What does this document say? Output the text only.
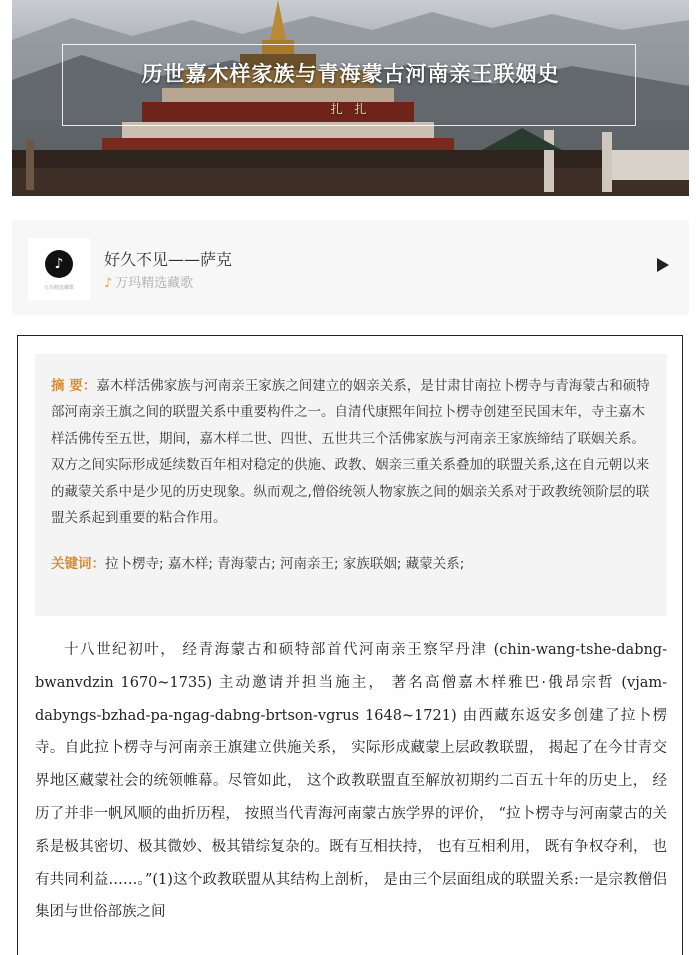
历世嘉木样家族与青海蒙古河南亲王联姻史
扎 扎
♪
万玛精选藏歌
好久不见——萨克
♪ 万玛精选藏歌
摘 要：嘉木样活佛家族与河南亲王家族之间建立的姻亲关系，是甘肃甘南拉卜楞寺与青海蒙古和硕特部河南亲王旗之间的联盟关系中重要构件之一。自清代康熙年间拉卜楞寺创建至民国末年，寺主嘉木样活佛传至五世，期间，嘉木样二世、四世、五世共三个活佛家族与河南亲王家族缔结了联姻关系。双方之间实际形成延续数百年相对稳定的供施、政教、姻亲三重关系叠加的联盟关系,这在自元朝以来的藏蒙关系中是少见的历史现象。纵而观之,僧俗统领人物家族之间的姻亲关系对于政教统领阶层的联盟关系起到重要的粘合作用。
关键词：拉卜楞寺; 嘉木样; 青海蒙古; 河南亲王; 家族联姻; 藏蒙关系;
十八世纪初叶， 经青海蒙古和硕特部首代河南亲王察罕丹津 (chin-wang-tshe-dabng-bwanvdzin 1670~1735) 主动邀请并担当施主， 著名高僧嘉木样雅巴·俄昂宗哲 (vjam-dabyngs-bzhad-pa-ngag-dabng-brtson-vgrus 1648~1721) 由西藏东返安多创建了拉卜楞寺。自此拉卜楞寺与河南亲王旗建立供施关系， 实际形成藏蒙上层政教联盟， 揭起了在今甘青交界地区藏蒙社会的统领帷幕。尽管如此， 这个政教联盟直至解放初期约二百五十年的历史上， 经历了并非一帆风顺的曲折历程， 按照当代青海河南蒙古族学界的评价， “拉卜楞寺与河南蒙古的关系是极其密切、极其微妙、极其错综复杂的。既有互相扶持， 也有互相利用， 既有争权夺利， 也有共同利益……。”(1)这个政教联盟从其结构上剖析， 是由三个层面组成的联盟关系:一是宗教僧侣集团与世俗部族之间
